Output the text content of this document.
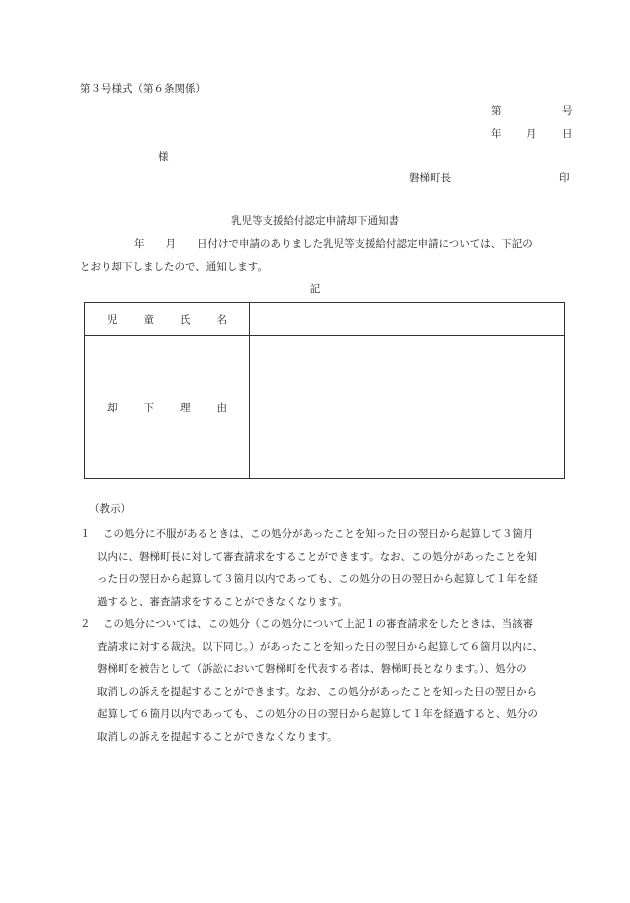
第３号様式（第６条関係）
第	号
年 月 日
様
磐梯町長	印
乳児等支援給付認定申請却下通知書
年　　月　　日付けで申請のありました乳児等支援給付認定申請については、下記の
とおり却下しましたので、通知します。
記
児 童 氏 名	

却 下 理 由	

（教示）
１	この処分に不服があるときは、この処分があったことを知った日の翌日から起算して３箇月
以内に、磐梯町長に対して審査請求をすることができます。なお、この処分があったことを知
った日の翌日から起算して３箇月以内であっても、この処分の日の翌日から起算して１年を経
過すると、審査請求をすることができなくなります。
２	この処分については、この処分（この処分について上記１の審査請求をしたときは、当該審
査請求に対する裁決。以下同じ。）があったことを知った日の翌日から起算して６箇月以内に、
磐梯町を被告として（訴訟において磐梯町を代表する者は、磐梯町長となります。）、処分の
取消しの訴えを提起することができます。なお、この処分があったことを知った日の翌日から
起算して６箇月以内であっても、この処分の日の翌日から起算して１年を経過すると、処分の
取消しの訴えを提起することができなくなります。
